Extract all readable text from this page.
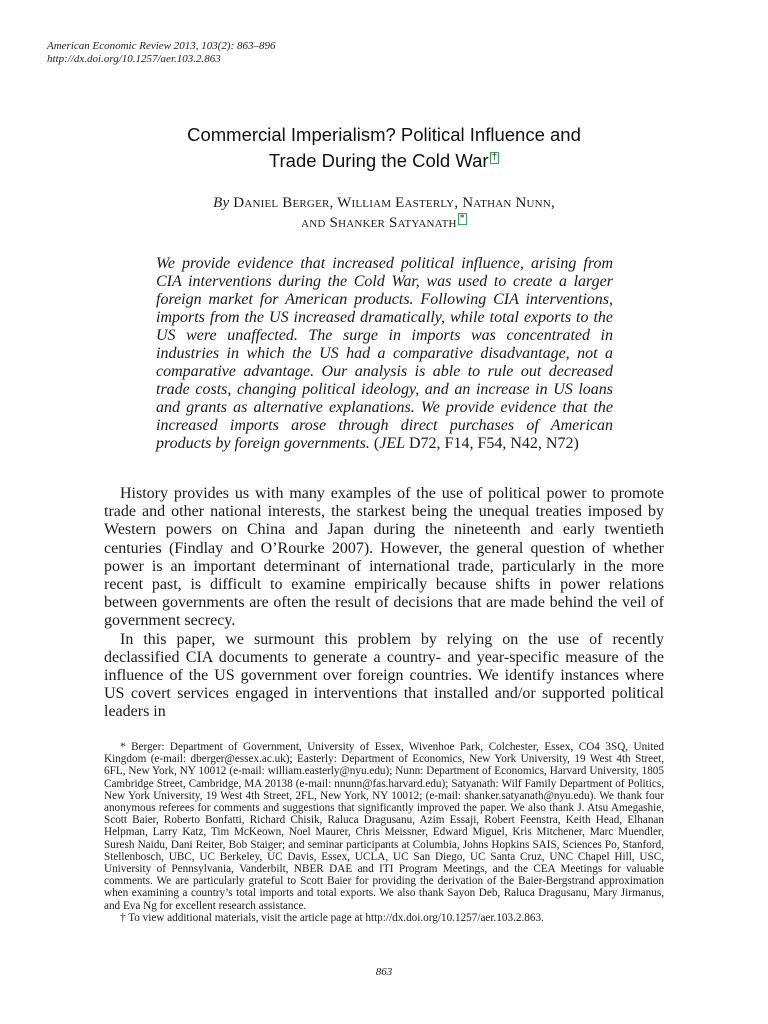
American Economic Review 2013, 103(2): 863–896
http://dx.doi.org/10.1257/aer.103.2.863
Commercial Imperialism? Political Influence and
Trade During the Cold War †
By Daniel Berger, William Easterly, Nathan Nunn,
and Shanker Satyanath *
We provide evidence that increased political influence, arising from CIA interventions during the Cold War, was used to create a larger foreign market for American products. Following CIA interventions, imports from the US increased dramatically, while total exports to the US were unaffected. The surge in imports was concentrated in industries in which the US had a comparative disadvantage, not a comparative advantage. Our analysis is able to rule out decreased trade costs, changing political ideology, and an increase in US loans and grants as alternative explanations. We provide evidence that the increased imports arose through direct purchases of American products by foreign governments. (JEL D72, F14, F54, N42, N72)

History provides us with many examples of the use of political power to promote trade and other national interests, the starkest being the unequal treaties imposed by Western powers on China and Japan during the nineteenth and early twentieth centuries (Findlay and O’Rourke 2007). However, the general question of whether power is an important determinant of international trade, particularly in the more recent past, is difficult to examine empirically because shifts in power relations between governments are often the result of decisions that are made behind the veil of government secrecy.

In this paper, we surmount this problem by relying on the use of recently declassified CIA documents to generate a country- and year-specific measure of the influence of the US government over foreign countries. We identify instances where US covert services engaged in interventions that installed and/or supported political leaders in

* Berger: Department of Government, University of Essex, Wivenhoe Park, Colchester, Essex, CO4 3SQ, United Kingdom (e-mail: dberger@essex.ac.uk); Easterly: Department of Economics, New York University, 19 West 4th Street, 6FL, New York, NY 10012 (e-mail: william.easterly@nyu.edu); Nunn: Department of Economics, Harvard University, 1805 Cambridge Street, Cambridge, MA 20138 (e-mail: nnunn@fas.harvard.edu); Satyanath: Wilf Family Department of Politics, New York University, 19 West 4th Street, 2FL, New York, NY 10012; (e-mail: shanker.satyanath@nyu.edu). We thank four anonymous referees for comments and suggestions that significantly improved the paper. We also thank J. Atsu Amegashie, Scott Baier, Roberto Bonfatti, Richard Chisik, Raluca Dragusanu, Azim Essaji, Robert Feenstra, Keith Head, Elhanan Helpman, Larry Katz, Tim McKeown, Noel Maurer, Chris Meissner, Edward Miguel, Kris Mitchener, Marc Muendler, Suresh Naidu, Dani Reiter, Bob Staiger; and seminar participants at Columbia, Johns Hopkins SAIS, Sciences Po, Stanford, Stellenbosch, UBC, UC Berkeley, UC Davis, Essex, UCLA, UC San Diego, UC Santa Cruz, UNC Chapel Hill, USC, University of Pennsylvania, Vanderbilt, NBER DAE and ITI Program Meetings, and the CEA Meetings for valuable comments. We are particularly grateful to Scott Baier for providing the derivation of the Baier-Bergstrand approximation when examining a country’s total imports and total exports. We also thank Sayon Deb, Raluca Dragusanu, Mary Jirmanus, and Eva Ng for excellent research assistance.

† To view additional materials, visit the article page at http://dx.doi.org/10.1257/aer.103.2.863.

863
